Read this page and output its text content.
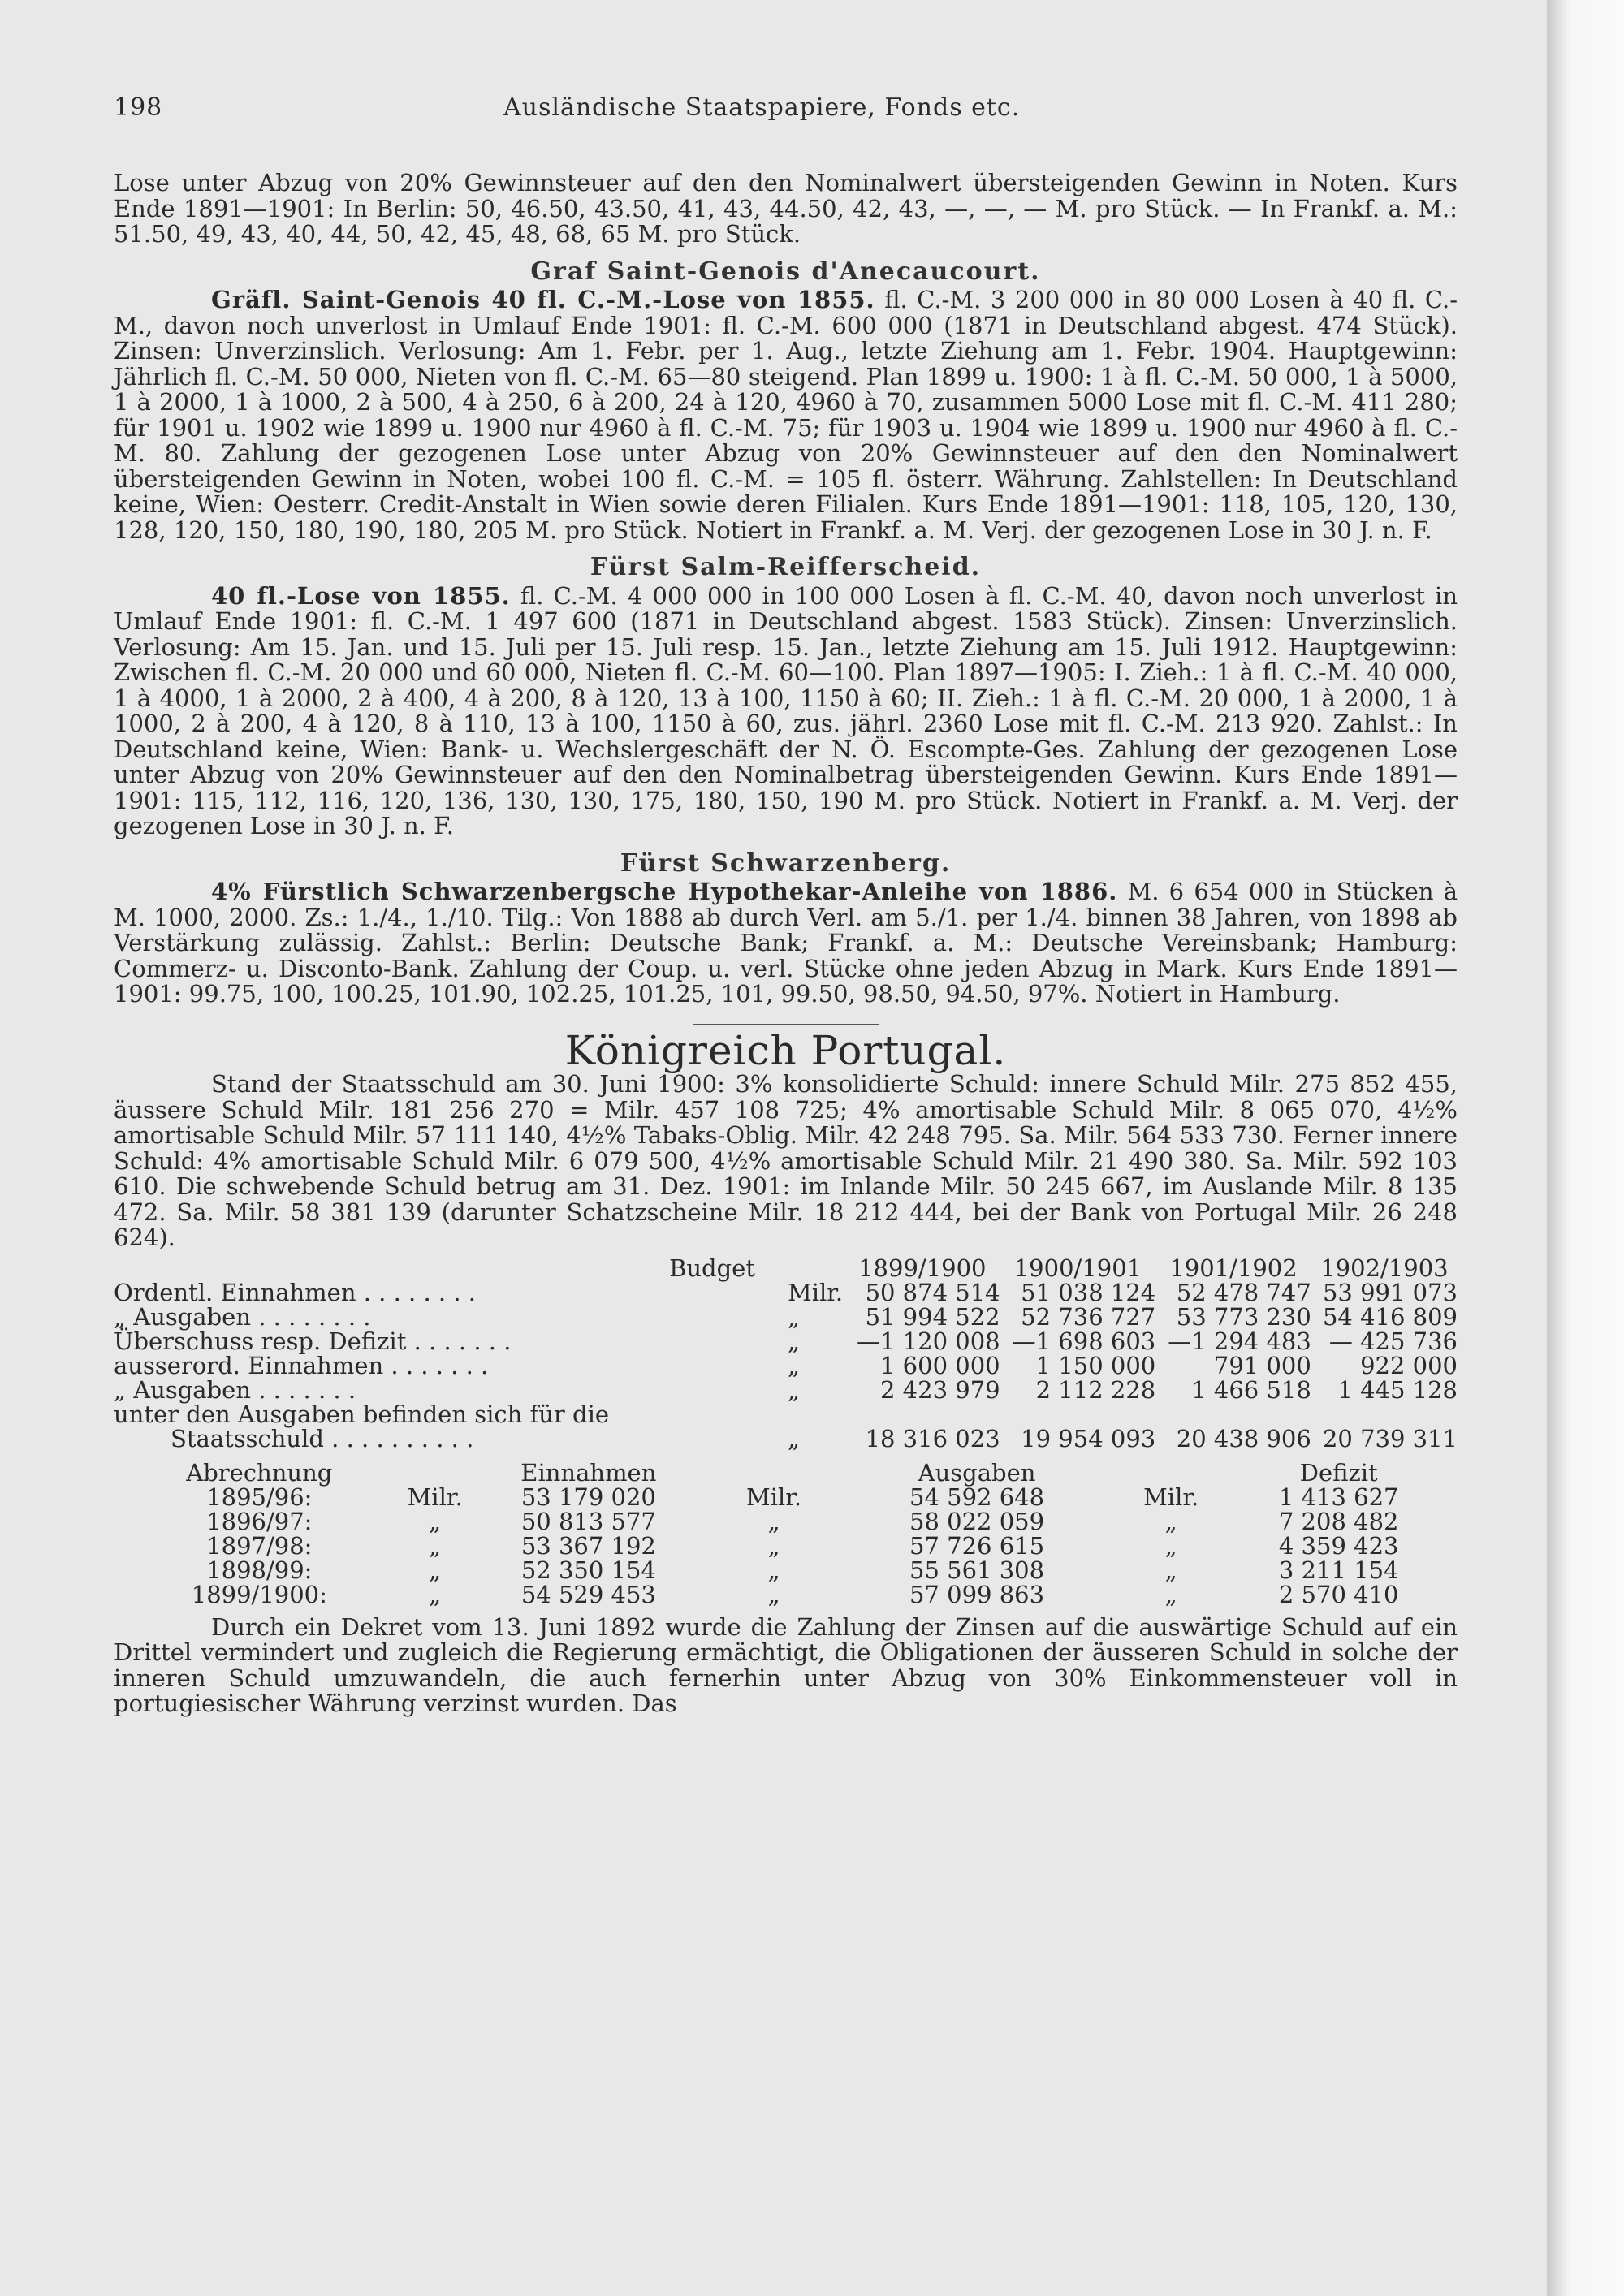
198	Ausländische Staatspapiere, Fonds etc.

Lose unter Abzug von 20% Gewinnsteuer auf den den Nominalwert übersteigenden Gewinn in Noten. Kurs Ende 1891—1901: In Berlin: 50, 46.50, 43.50, 41, 43, 44.50, 42, 43, —, —, — M. pro Stück. — In Frankf. a. M.: 51.50, 49, 43, 40, 44, 50, 42, 45, 48, 68, 65 M. pro Stück.

Graf Saint-Genois d'Anecaucourt.

Gräfl. Saint-Genois 40 fl. C.-M.-Lose von 1855. fl. C.-M. 3 200 000 in 80 000 Losen à 40 fl. C.-M., davon noch unverlost in Umlauf Ende 1901: fl. C.-M. 600 000 (1871 in Deutschland abgest. 474 Stück). Zinsen: Unverzinslich. Verlosung: Am 1. Febr. per 1. Aug., letzte Ziehung am 1. Febr. 1904. Hauptgewinn: Jährlich fl. C.-M. 50 000, Nieten von fl. C.-M. 65—80 steigend. Plan 1899 u. 1900: 1 à fl. C.-M. 50 000, 1 à 5000, 1 à 2000, 1 à 1000, 2 à 500, 4 à 250, 6 à 200, 24 à 120, 4960 à 70, zusammen 5000 Lose mit fl. C.-M. 411 280; für 1901 u. 1902 wie 1899 u. 1900 nur 4960 à fl. C.-M. 75; für 1903 u. 1904 wie 1899 u. 1900 nur 4960 à fl. C.-M. 80. Zahlung der gezogenen Lose unter Abzug von 20% Gewinnsteuer auf den den Nominalwert übersteigenden Gewinn in Noten, wobei 100 fl. C.-M. = 105 fl. österr. Währung. Zahlstellen: In Deutschland keine, Wien: Oesterr. Credit-Anstalt in Wien sowie deren Filialen. Kurs Ende 1891—1901: 118, 105, 120, 130, 128, 120, 150, 180, 190, 180, 205 M. pro Stück. Notiert in Frankf. a. M. Verj. der gezogenen Lose in 30 J. n. F.

Fürst Salm-Reifferscheid.

40 fl.-Lose von 1855. fl. C.-M. 4 000 000 in 100 000 Losen à fl. C.-M. 40, davon noch unverlost in Umlauf Ende 1901: fl. C.-M. 1 497 600 (1871 in Deutschland abgest. 1583 Stück). Zinsen: Unverzinslich. Verlosung: Am 15. Jan. und 15. Juli per 15. Juli resp. 15. Jan., letzte Ziehung am 15. Juli 1912. Hauptgewinn: Zwischen fl. C.-M. 20 000 und 60 000, Nieten fl. C.-M. 60—100. Plan 1897—1905: I. Zieh.: 1 à fl. C.-M. 40 000, 1 à 4000, 1 à 2000, 2 à 400, 4 à 200, 8 à 120, 13 à 100, 1150 à 60; II. Zieh.: 1 à fl. C.-M. 20 000, 1 à 2000, 1 à 1000, 2 à 200, 4 à 120, 8 à 110, 13 à 100, 1150 à 60, zus. jährl. 2360 Lose mit fl. C.-M. 213 920. Zahlst.: In Deutschland keine, Wien: Bank- u. Wechslergeschäft der N. Ö. Escompte-Ges. Zahlung der gezogenen Lose unter Abzug von 20% Gewinnsteuer auf den den Nominalbetrag übersteigenden Gewinn. Kurs Ende 1891—1901: 115, 112, 116, 120, 136, 130, 130, 175, 180, 150, 190 M. pro Stück. Notiert in Frankf. a. M. Verj. der gezogenen Lose in 30 J. n. F.

Fürst Schwarzenberg.

4% Fürstlich Schwarzenbergsche Hypothekar-Anleihe von 1886. M. 6 654 000 in Stücken à M. 1000, 2000. Zs.: 1./4., 1./10. Tilg.: Von 1888 ab durch Verl. am 5./1. per 1./4. binnen 38 Jahren, von 1898 ab Verstärkung zulässig. Zahlst.: Berlin: Deutsche Bank; Frankf. a. M.: Deutsche Vereinsbank; Hamburg: Commerz- u. Disconto-Bank. Zahlung der Coup. u. verl. Stücke ohne jeden Abzug in Mark. Kurs Ende 1891—1901: 99.75, 100, 100.25, 101.90, 102.25, 101.25, 101, 99.50, 98.50, 94.50, 97%. Notiert in Hamburg.

Königreich Portugal.

Stand der Staatsschuld am 30. Juni 1900: 3% konsolidierte Schuld: innere Schuld Milr. 275 852 455, äussere Schuld Milr. 181 256 270 = Milr. 457 108 725; 4% amortisable Schuld Milr. 8 065 070, 4½% amortisable Schuld Milr. 57 111 140, 4½% Tabaks-Oblig. Milr. 42 248 795. Sa. Milr. 564 533 730. Ferner innere Schuld: 4% amortisable Schuld Milr. 6 079 500, 4½% amortisable Schuld Milr. 21 490 380. Sa. Milr. 592 103 610. Die schwebende Schuld betrug am 31. Dez. 1901: im Inlande Milr. 50 245 667, im Auslande Milr. 8 135 472. Sa. Milr. 58 381 139 (darunter Schatzscheine Milr. 18 212 444, bei der Bank von Portugal Milr. 26 248 624).

Budget		1899/1900	1900/1901	1901/1902	1902/1903
Ordentl. Einnahmen . . . . . . . .	Milr.	50 874 514	51 038 124	52 478 747	53 991 073
„ Ausgaben . . . . . . . .	„	51 994 522	52 736 727	53 773 230	54 416 809
Überschuss resp. Defizit . . . . . . .	„	—1 120 008	—1 698 603	—1 294 483	— 425 736
ausserord. Einnahmen . . . . . . .	„	1 600 000	1 150 000	791 000	922 000
„ Ausgaben . . . . . . .	„	2 423 979	2 112 228	1 466 518	1 445 128
unter den Ausgaben befinden sich für die					
Staatsschuld . . . . . . . . . .	„	18 316 023	19 954 093	20 438 906	20 739 311
Abrechnung		Einnahmen		Ausgaben		Defizit
1895/96:	Milr.	53 179 020	Milr.	54 592 648	Milr.	1 413 627
1896/97:	„	50 813 577	„	58 022 059	„	7 208 482
1897/98:	„	53 367 192	„	57 726 615	„	4 359 423
1898/99:	„	52 350 154	„	55 561 308	„	3 211 154
1899/1900:	„	54 529 453	„	57 099 863	„	2 570 410

Durch ein Dekret vom 13. Juni 1892 wurde die Zahlung der Zinsen auf die auswärtige Schuld auf ein Drittel vermindert und zugleich die Regierung ermächtigt, die Obligationen der äusseren Schuld in solche der inneren Schuld umzuwandeln, die auch fernerhin unter Abzug von 30% Einkommensteuer voll in portugiesischer Währung verzinst wurden. Das
